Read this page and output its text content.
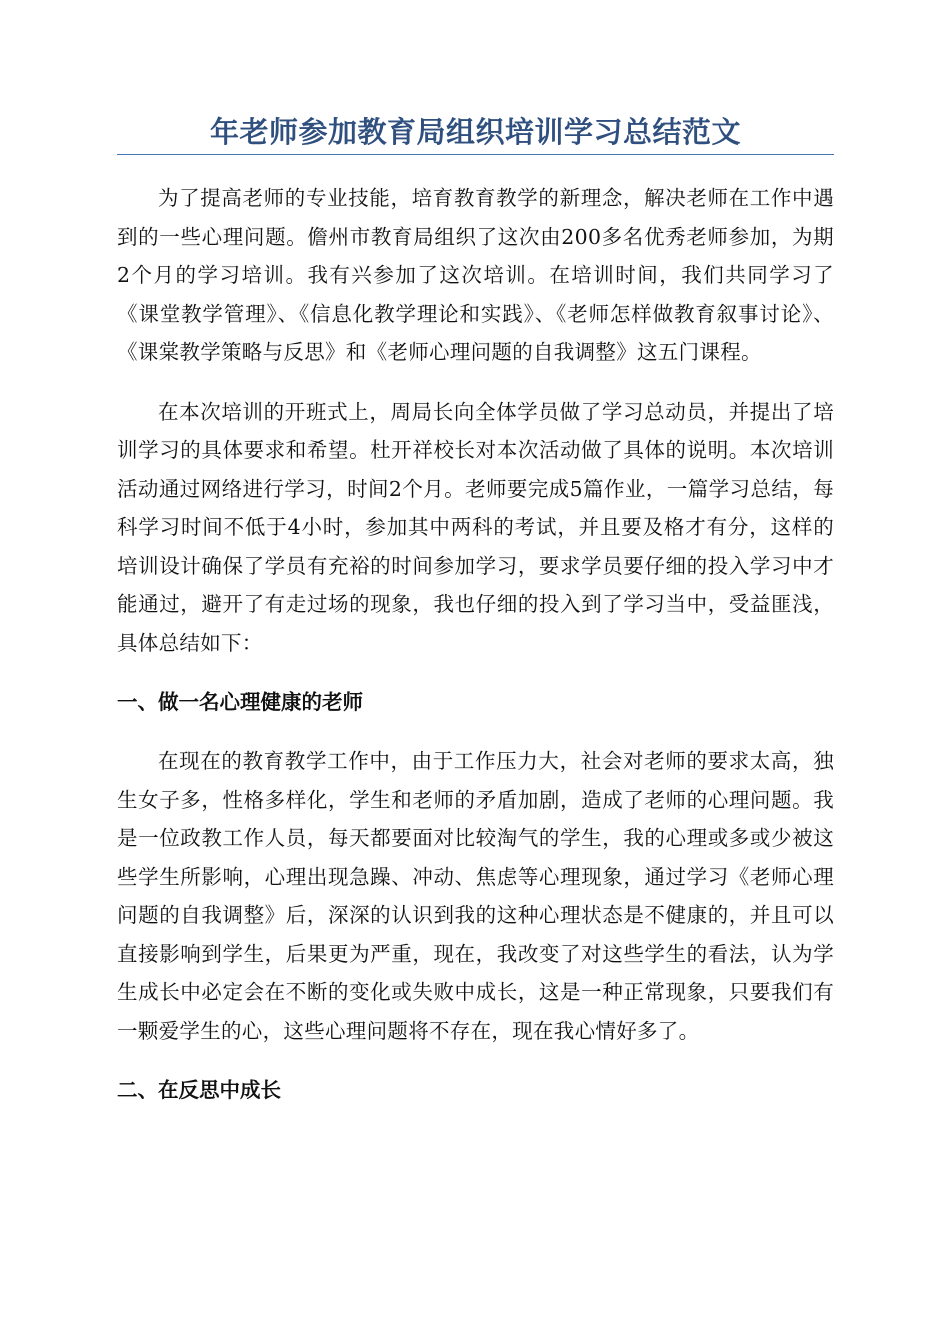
年老师参加教育局组织培训学习总结范文

为了提高老师的专业技能，培育教育教学的新理念，解决老师在工作中遇到的一些心理问题。儋州市教育局组织了这次由200多名优秀老师参加，为期2个月的学习培训。我有兴参加了这次培训。在培训时间，我们共同学习了《课堂教学管理》、《信息化教学理论和实践》、《老师怎样做教育叙事讨论》、《课棠教学策略与反思》和《老师心理问题的自我调整》这五门课程。

在本次培训的开班式上，周局长向全体学员做了学习总动员，并提出了培训学习的具体要求和希望。杜开祥校长对本次活动做了具体的说明。本次培训活动通过网络进行学习，时间2个月。老师要完成5篇作业，一篇学习总结，每科学习时间不低于4小时，参加其中两科的考试，并且要及格才有分，这样的培训设计确保了学员有充裕的时间参加学习，要求学员要仔细的投入学习中才能通过，避开了有走过场的现象，我也仔细的投入到了学习当中，受益匪浅，具体总结如下：

一、做一名心理健康的老师

在现在的教育教学工作中，由于工作压力大，社会对老师的要求太高，独生女子多，性格多样化，学生和老师的矛盾加剧，造成了老师的心理问题。我是一位政教工作人员，每天都要面对比较淘气的学生，我的心理或多或少被这些学生所影响，心理出现急躁、冲动、焦虑等心理现象，通过学习《老师心理问题的自我调整》后，深深的认识到我的这种心理状态是不健康的，并且可以直接影响到学生，后果更为严重，现在，我改变了对这些学生的看法，认为学生成长中必定会在不断的变化或失败中成长，这是一种正常现象，只要我们有一颗爱学生的心，这些心理问题将不存在，现在我心情好多了。

二、在反思中成长
